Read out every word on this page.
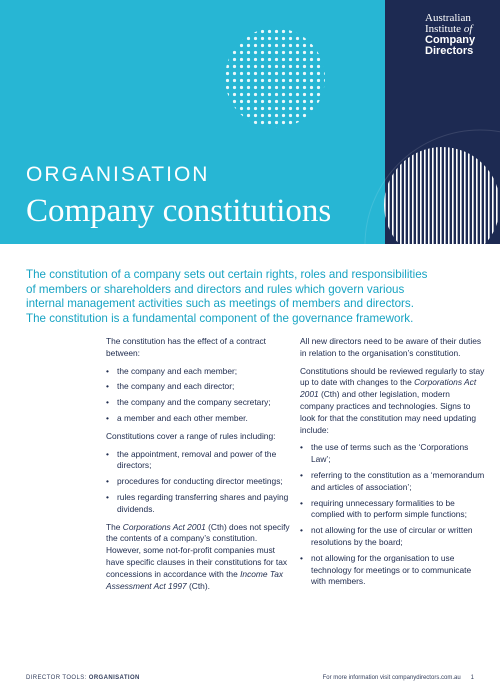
Australian
Institute of
Company
Directors
ORGANISATION
Company constitutions

The constitution of a company sets out certain rights, roles and responsibilities

of members or shareholders and directors and rules which govern various

internal management activities such as meetings of members and directors.

The constitution is a fundamental component of the governance framework.

The constitution has the effect of a contract between:

• the company and each member;
• the company and each director;
• the company and the company secretary;
• a member and each other member.

Constitutions cover a range of rules including:

• the appointment, removal and power of the directors;
• procedures for conducting director meetings;
• rules regarding transferring shares and paying dividends.

The Corporations Act 2001 (Cth) does not specify the contents of a company’s constitution. However, some not-for-profit companies must have specific clauses in their constitutions for tax concessions in accordance with the Income Tax Assessment Act 1997 (Cth).

All new directors need to be aware of their duties in relation to the organisation’s constitution.

Constitutions should be reviewed regularly to stay up to date with changes to the Corporations Act 2001 (Cth) and other legislation, modern company practices and technologies. Signs to look for that the constitution may need updating include:

• the use of terms such as the ‘Corporations Law’;
• referring to the constitution as a ‘memorandum and articles of association’;
• requiring unnecessary formalities to be complied with to perform simple functions;
• not allowing for the use of circular or written resolutions by the board;
• not allowing for the organisation to use technology for meetings or to communicate with members.
DIRECTOR TOOLS: ORGANISATION	For more information visit companydirectors.com.au 1
